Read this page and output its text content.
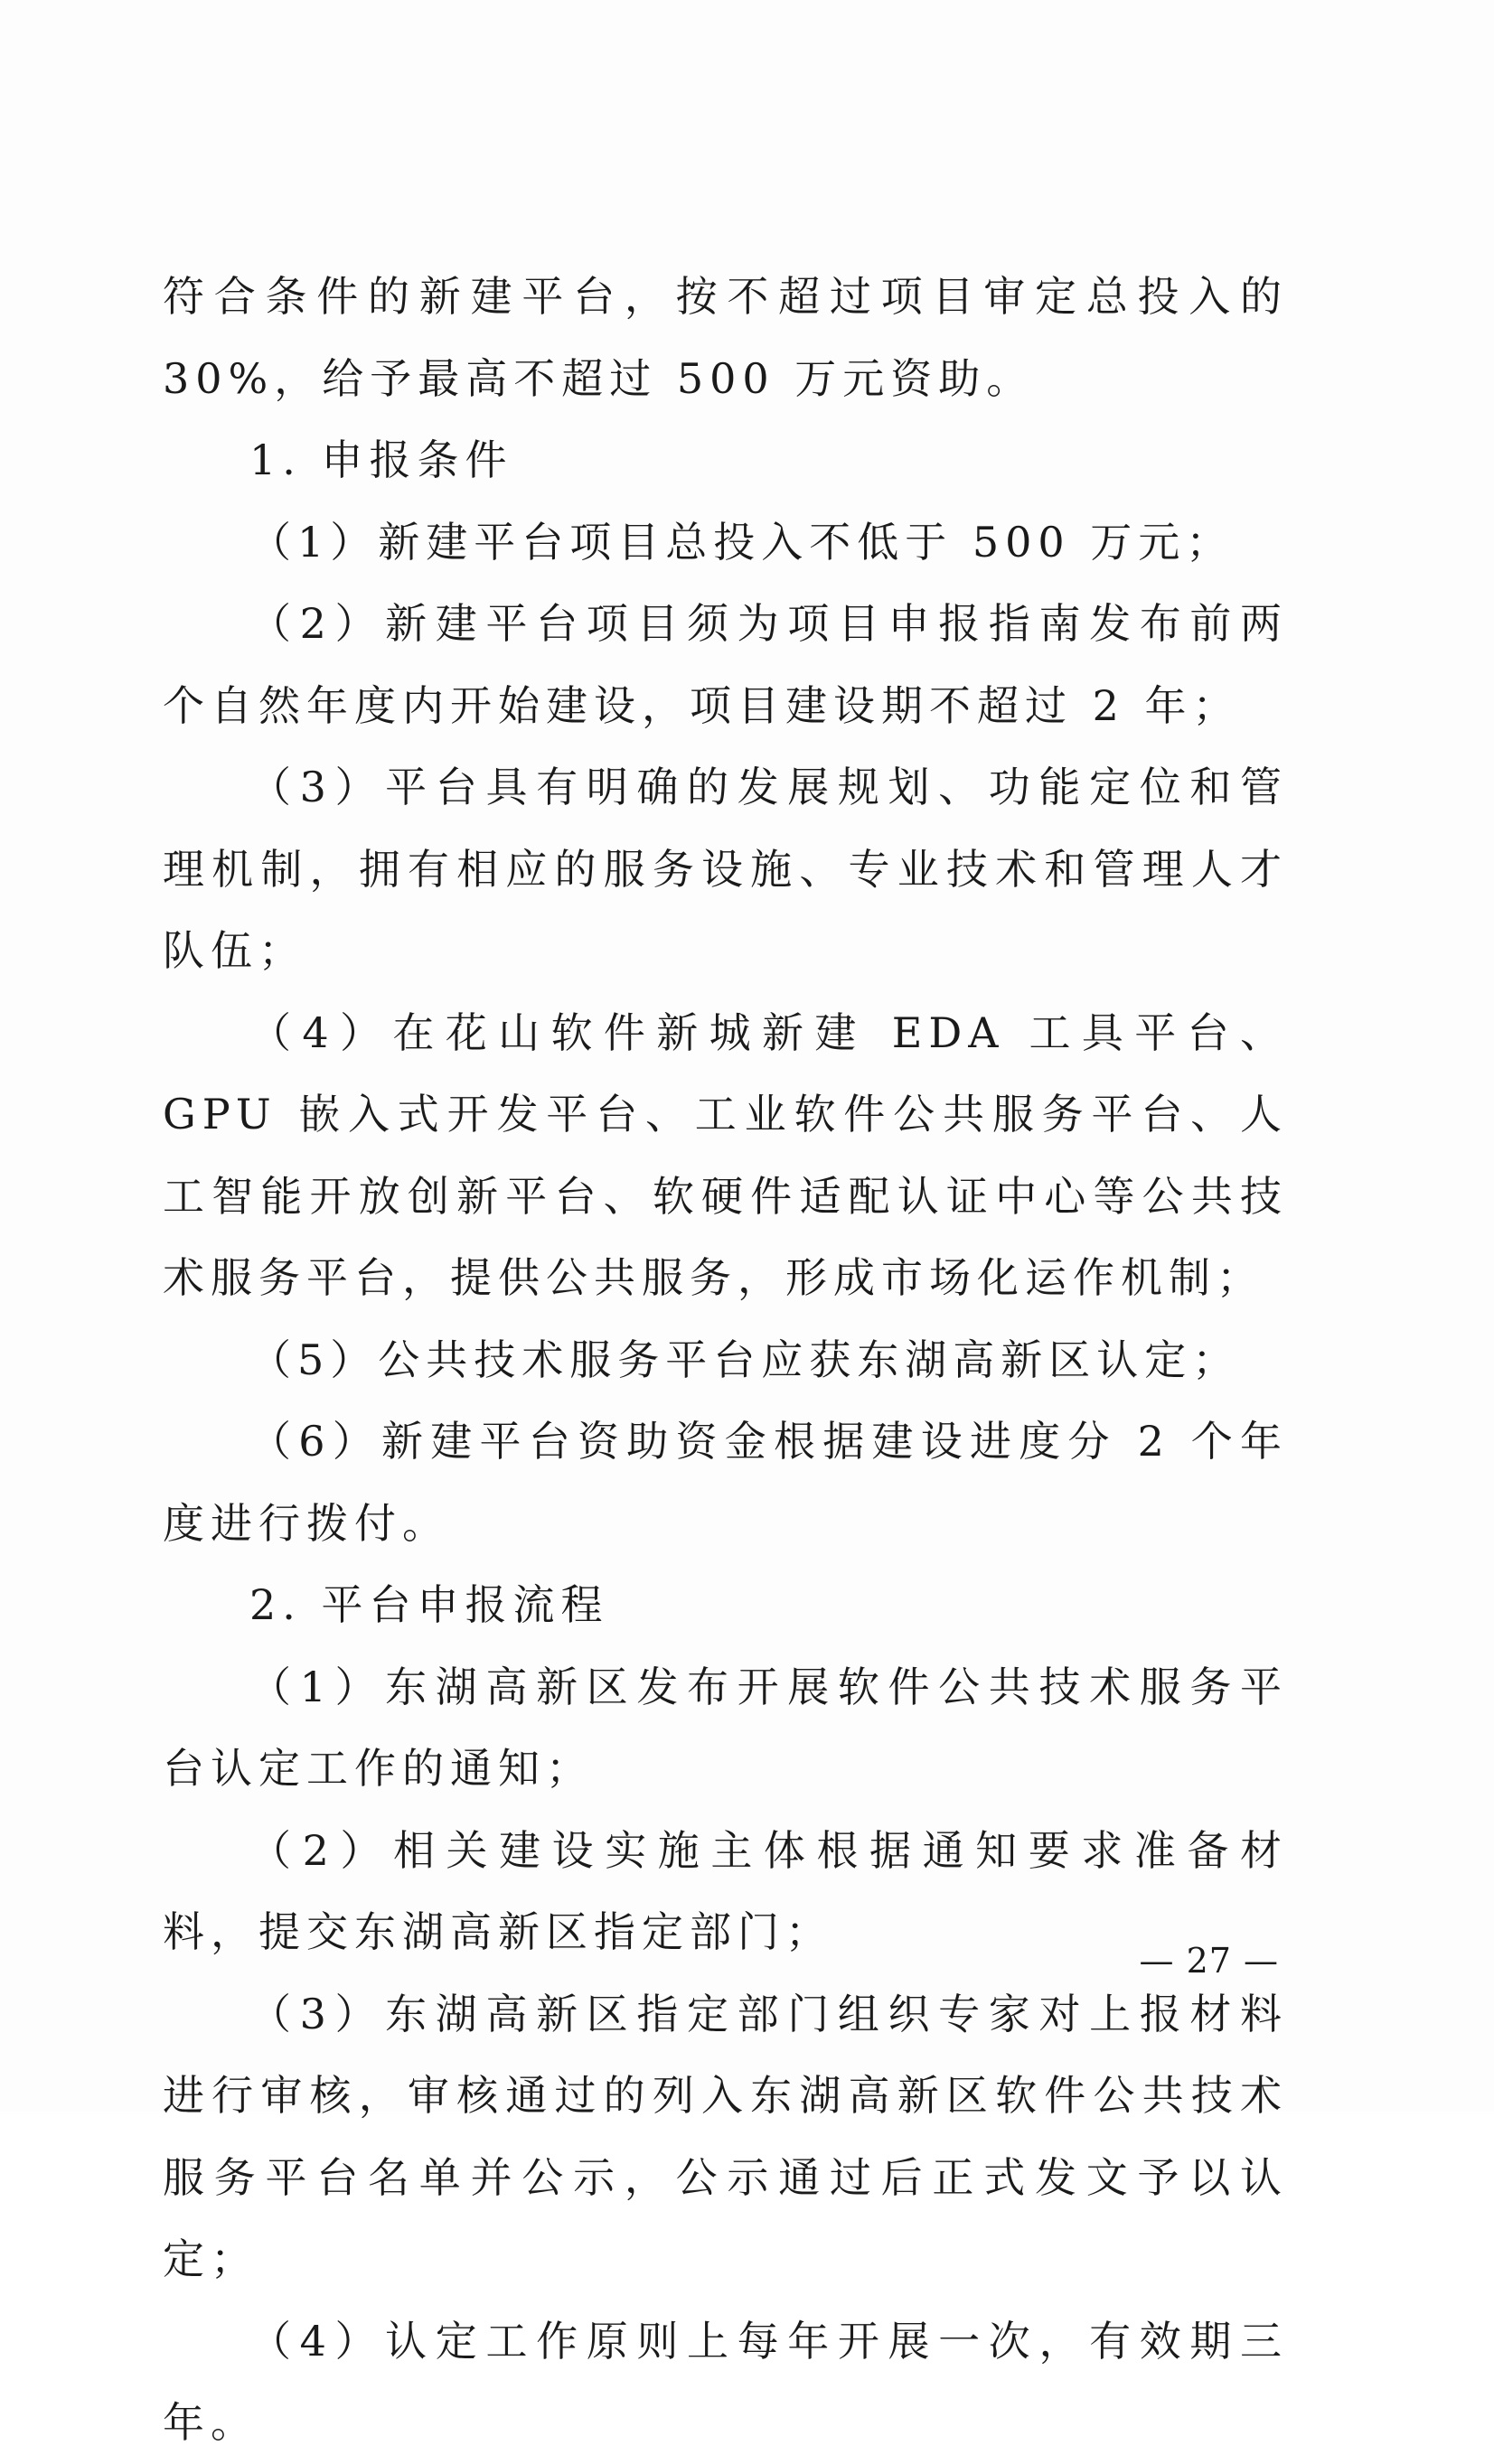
符合条件的新建平台，按不超过项目审定总投入的 30%，给予最高不超过 500 万元资助。

1. 申报条件

（1）新建平台项目总投入不低于 500 万元；

（2）新建平台项目须为项目申报指南发布前两个自然年度内开始建设，项目建设期不超过 2 年；

（3）平台具有明确的发展规划、功能定位和管理机制，拥有相应的服务设施、专业技术和管理人才队伍；

（4）在花山软件新城新建 EDA 工具平台、GPU 嵌入式开发平台、工业软件公共服务平台、人工智能开放创新平台、软硬件适配认证中心等公共技术服务平台，提供公共服务，形成市场化运作机制；

（5）公共技术服务平台应获东湖高新区认定；

（6）新建平台资助资金根据建设进度分 2 个年度进行拨付。

2. 平台申报流程

（1）东湖高新区发布开展软件公共技术服务平台认定工作的通知；

（2）相关建设实施主体根据通知要求准备材料，提交东湖高新区指定部门；

（3）东湖高新区指定部门组织专家对上报材料进行审核，审核通过的列入东湖高新区软件公共技术服务平台名单并公示，公示通过后正式发文予以认定；

（4）认定工作原则上每年开展一次，有效期三年。

— 27 —
